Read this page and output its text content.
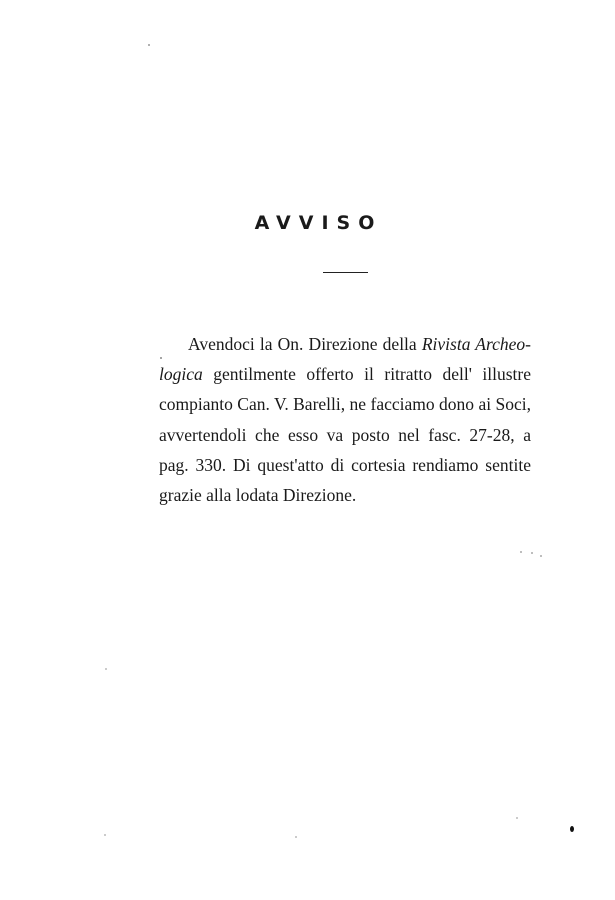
AVVISO
Avendoci la On. Direzione della Rivista Archeo-
logica gentilmente offerto il ritratto dell' illustre
compianto Can. V. Barelli, ne facciamo dono ai Soci,
avvertendoli che esso va posto nel fasc. 27-28, a
pag. 330. Di quest'atto di cortesia rendiamo sentite
grazie alla lodata Direzione.
